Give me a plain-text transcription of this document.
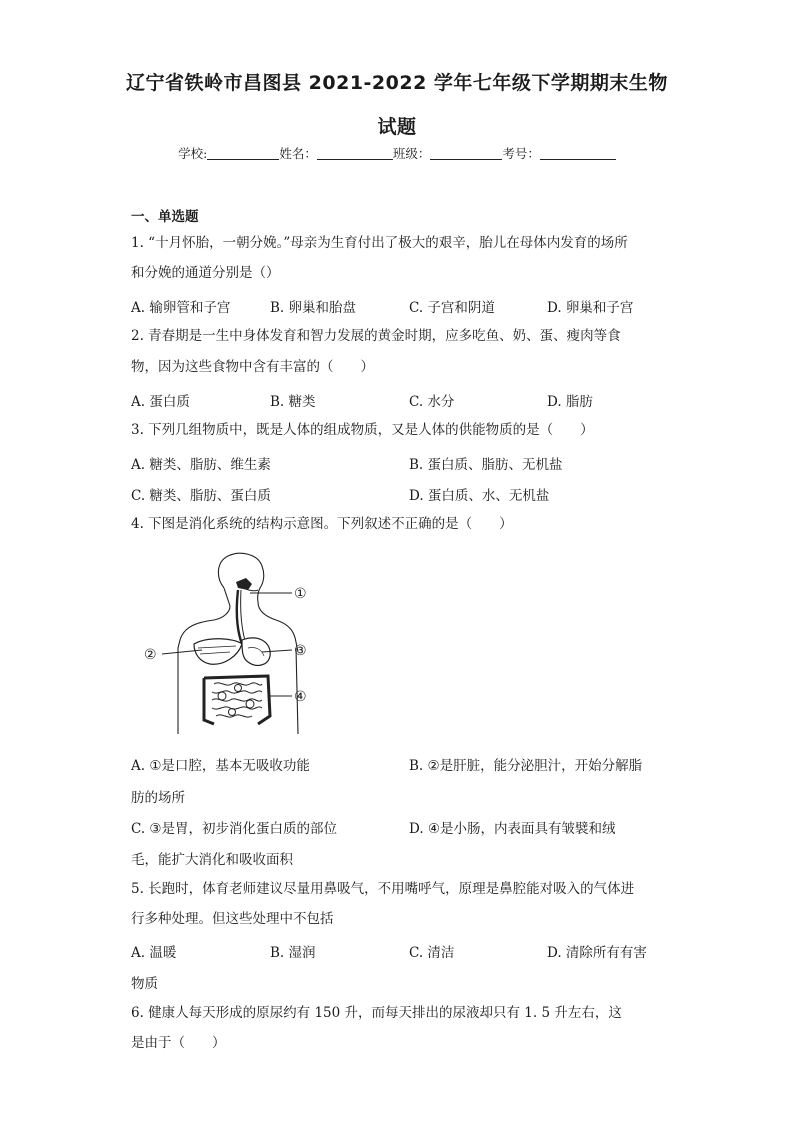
辽宁省铁岭市昌图县 2021-2022 学年七年级下学期期末生物
试题
学校:	姓名：	班级：	考号：
一、单选题
1. “十月怀胎，一朝分娩。”母亲为生育付出了极大的艰辛，胎儿在母体内发育的场所
和分娩的通道分别是（）
A. 输卵管和子宫	B. 卵巢和胎盘	C. 子宫和阴道	D. 卵巢和子宫
2. 青春期是一生中身体发育和智力发展的黄金时期，应多吃鱼、奶、蛋、瘦肉等食
物，因为这些食物中含有丰富的（　　）
A. 蛋白质	B. 糖类	C. 水分	D. 脂肪
3. 下列几组物质中，既是人体的组成物质，又是人体的供能物质的是（　　）
A. 糖类、脂肪、维生素	B. 蛋白质、脂肪、无机盐
C. 糖类、脂肪、蛋白质	D. 蛋白质、水、无机盐
4. 下图是消化系统的结构示意图。下列叙述不正确的是（　　）
①
②	③
④
A. ①是口腔，基本无吸收功能	B. ②是肝脏，能分泌胆汁，开始分解脂
肪的场所
C. ③是胃，初步消化蛋白质的部位	D. ④是小肠，内表面具有皱襞和绒
毛，能扩大消化和吸收面积
5. 长跑时，体育老师建议尽量用鼻吸气，不用嘴呼气，原理是鼻腔能对吸入的气体进
行多种处理。但这些处理中不包括
A. 温暖	B. 湿润	C. 清洁	D. 清除所有有害
物质
6. 健康人每天形成的原尿约有 150 升，而每天排出的尿液却只有 1. 5 升左右，这
是由于（　　）
